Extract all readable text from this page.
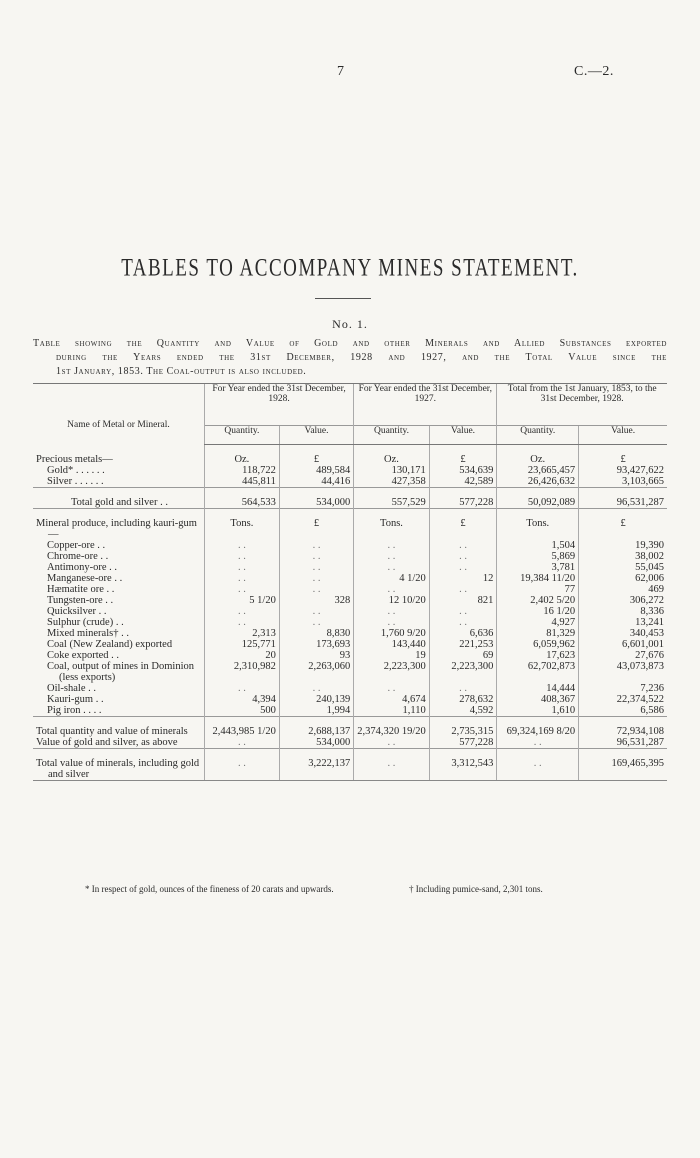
7	C.—2.
TABLES TO ACCOMPANY MINES STATEMENT.
No. 1.
Table showing the Quantity and Value of Gold and other Minerals and Allied Substances exported
during the Years ended the 31st December, 1928 and 1927, and the Total Value since the
1st January, 1853. The Coal-output is also included.
Name of Metal or Mineral.	For Year ended the 31st December, 1928.		For Year ended the 31st December, 1927.		Total from the 1st January, 1853, to the 31st December, 1928.	
	Quantity.	Value.	Quantity.	Value.	Quantity.	Value.

Precious metals—	Oz.	£	Oz.	£	Oz.	£
Gold* . . . . . .	118,722	489,584	130,171	534,639	23,665,457	93,427,622
Silver . . . . . .	445,811	44,416	427,358	42,589	26,426,632	3,103,665

Total gold and silver . .	564,533	534,000	557,529	577,228	50,092,089	96,531,287

Mineral produce, including kauri-gum—	Tons.	£	Tons.	£	Tons.	£
Copper-ore . .	. .	. .	. .	. .	1,504	19,390
Chrome-ore . .	. .	. .	. .	. .	5,869	38,002
Antimony-ore . .	. .	. .	. .	. .	3,781	55,045
Manganese-ore . .	. .	. .	4 1/20	12	19,384 11/20	62,006
Hæmatite ore . .	. .	. .	. .	. .	77	469
Tungsten-ore . .	5 1/20	328	12 10/20	821	2,402 5/20	306,272
Quicksilver . .	. .	. .	. .	. .	16 1/20	8,336
Sulphur (crude) . .	. .	. .	. .	. .	4,927	13,241
Mixed minerals† . .	2,313	8,830	1,760 9/20	6,636	81,329	340,453
Coal (New Zealand) exported	125,771	173,693	143,440	221,253	6,059,962	6,601,001
Coke exported . .	20	93	19	69	17,623	27,676
Coal, output of mines in Dominion (less exports)	2,310,982	2,263,060	2,223,300	2,223,300	62,702,873	43,073,873
Oil-shale . .	. .	. .	. .	. .	14,444	7,236
Kauri-gum . .	4,394	240,139	4,674	278,632	408,367	22,374,522
Pig iron . . . .	500	1,994	1,110	4,592	1,610	6,586

Total quantity and value of minerals	2,443,985 1/20	2,688,137	2,374,320 19/20	2,735,315	69,324,169 8/20	72,934,108
Value of gold and silver, as above	. .	534,000	. .	577,228	. .	96,531,287

Total value of minerals, including gold and silver	. .	3,222,137	. .	3,312,543	. .	169,465,395
* In respect of gold, ounces of the fineness of 20 carats and upwards.	† Including pumice-sand, 2,301 tons.
